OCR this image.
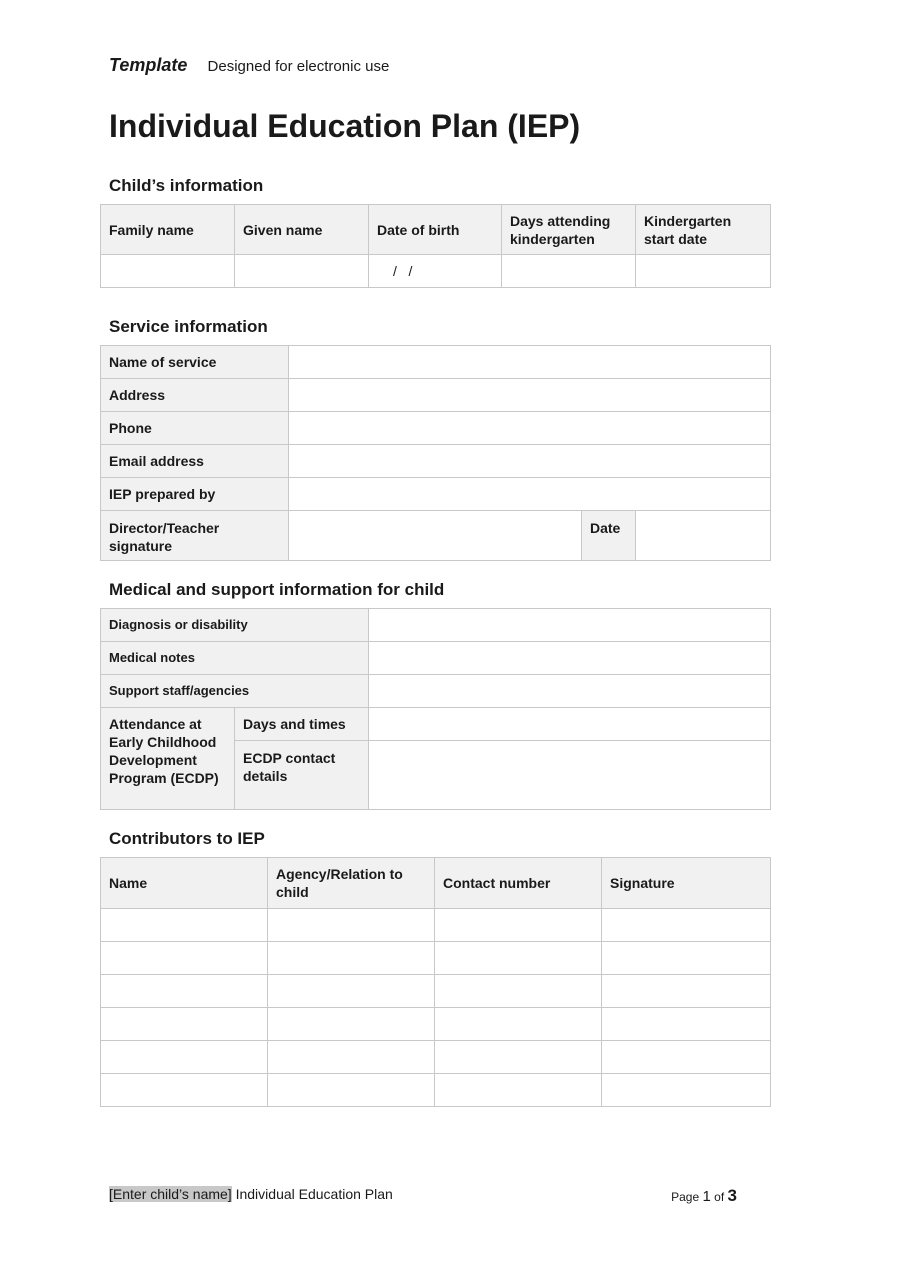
Template Designed for electronic use
Individual Education Plan (IEP)
Child’s information
Family name	Given name	Date of birth	Days attending kindergarten	Kindergarten start date
		/   /		
Service information
Name of service			
Address			
Phone			
Email address			
IEP prepared by			
Director/Teacher signature		Date	
Medical and support information for child
Diagnosis or disability		
Medical notes		
Support staff/agencies		
Attendance at Early Childhood Development Program (ECDP)	Days and times	
	ECDP contact details	
Contributors to IEP
Name	Agency/Relation to child	Contact number	Signature

[Enter child’s name] Individual Education Plan	Page 1 of 3
